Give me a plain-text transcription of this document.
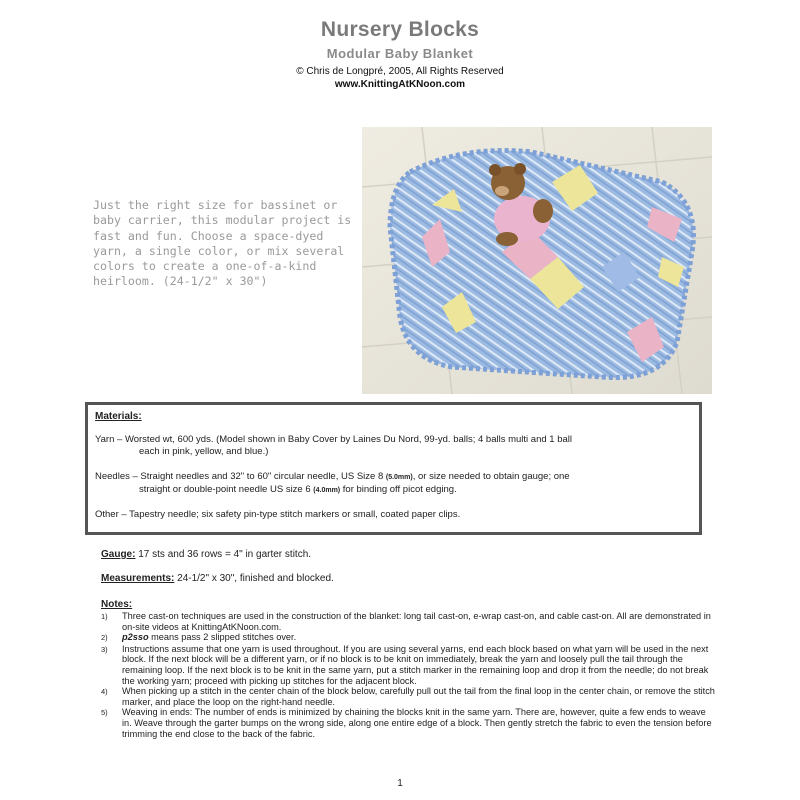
Nursery Blocks
Modular Baby Blanket
© Chris de Longpré, 2005, All Rights Reserved
www.KnittingAtKNoon.com
Just the right size for bassinet or baby carrier, this modular project is fast and fun. Choose a space-dyed yarn, a single color, or mix several colors to create a one-of-a-kind heirloom. (24-1/2" x 30")
Materials:
Yarn – Worsted wt, 600 yds. (Model shown in Baby Cover by Laines Du Nord, 99-yd. balls; 4 balls multi and 1 ball
each in pink, yellow, and blue.)
Needles – Straight needles and 32" to 60" circular needle, US Size 8 (5.0mm), or size needed to obtain gauge; one
straight or double-point needle US size 6 (4.0mm) for binding off picot edging.
Other – Tapestry needle; six safety pin-type stitch markers or small, coated paper clips.
Gauge: 17 sts and 36 rows = 4" in garter stitch.
Measurements: 24-1/2" x 30", finished and blocked.
Notes:
1)	Three cast-on techniques are used in the construction of the blanket: long tail cast-on, e-wrap cast-on, and cable cast-on. All are demonstrated in on-site videos at KnittingAtKNoon.com.
2)	p2sso means pass 2 slipped stitches over.
3)	Instructions assume that one yarn is used throughout. If you are using several yarns, end each block based on what yarn will be used in the next block. If the next block will be a different yarn, or if no block is to be knit on immediately, break the yarn and loosely pull the tail through the remaining loop. If the next block is to be knit in the same yarn, put a stitch marker in the remaining loop and drop it from the needle; do not break the working yarn; proceed with picking up stitches for the adjacent block.
4)	When picking up a stitch in the center chain of the block below, carefully pull out the tail from the final loop in the center chain, or remove the stitch marker, and place the loop on the right-hand needle.
5)	Weaving in ends: The number of ends is minimized by chaining the blocks knit in the same yarn. There are, however, quite a few ends to weave in. Weave through the garter bumps on the wrong side, along one entire edge of a block. Then gently stretch the fabric to even the tension before trimming the end close to the back of the fabric.
1
